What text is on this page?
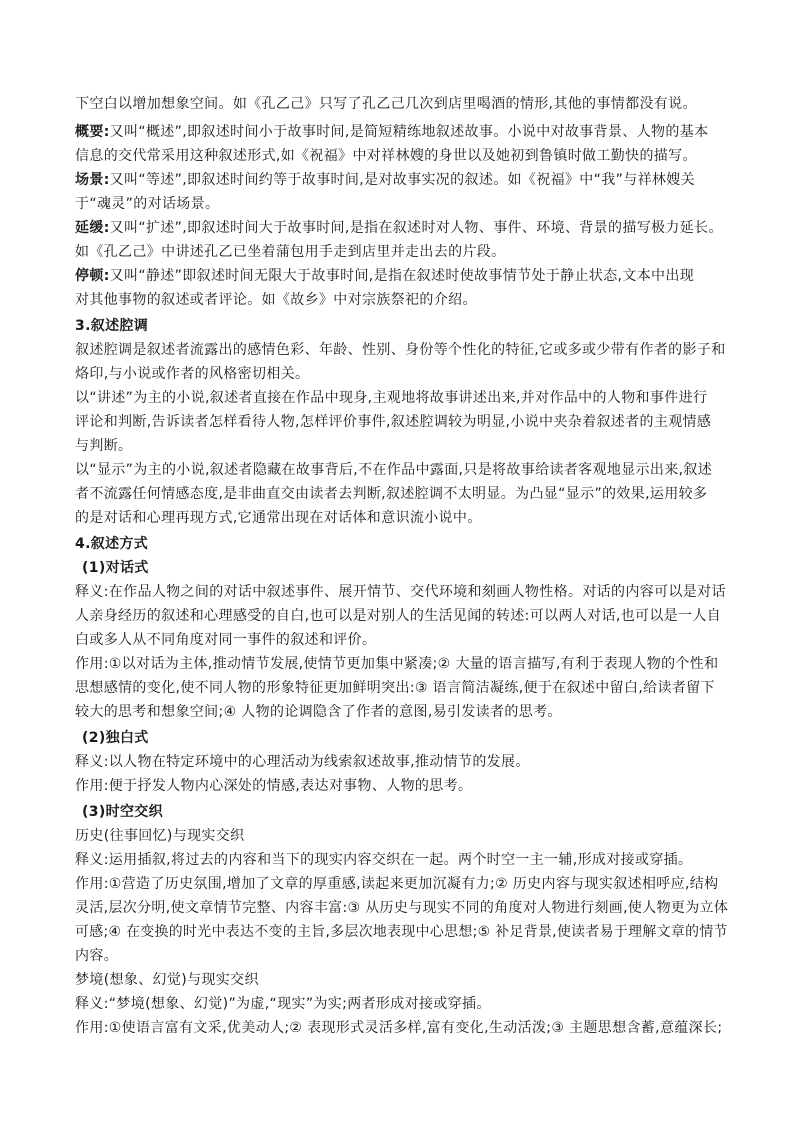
下空白以增加想象空间。如《孔乙己》只写了孔乙己几次到店里喝酒的情形,其他的事情都没有说。
概要:又叫“概述”,即叙述时间小于故事时间,是简短精练地叙述故事。小说中对故事背景、人物的基本
信息的交代常采用这种叙述形式,如《祝福》中对祥林嫂的身世以及她初到鲁镇时做工勤快的描写。
场景:又叫“等述”,即叙述时间约等于故事时间,是对故事实况的叙述。如《祝福》中“我”与祥林嫂关
于“魂灵”的对话场景。
延缓:又叫“扩述”,即叙述时间大于故事时间,是指在叙述时对人物、事件、环境、背景的描写极力延长。
如《孔乙己》中讲述孔乙已坐着蒲包用手走到店里并走出去的片段。
停顿:又叫“静述”即叙述时间无限大于故事时间,是指在叙述时使故事情节处于静止状态,文本中出现
对其他事物的叙述或者评论。如《故乡》中对宗族祭祀的介绍。
3.叙述腔调
叙述腔调是叙述者流露出的感情色彩、年龄、性别、身份等个性化的特征,它或多或少带有作者的影子和
烙印,与小说或作者的风格密切相关。
以“讲述”为主的小说,叙述者直接在作品中现身,主观地将故事讲述出来,并对作品中的人物和事件进行
评论和判断,告诉读者怎样看待人物,怎样评价事件,叙述腔调较为明显,小说中夹杂着叙述者的主观情感
与判断。
以“显示”为主的小说,叙述者隐藏在故事背后,不在作品中露面,只是将故事给读者客观地显示出来,叙述
者不流露任何情感态度,是非曲直交由读者去判断,叙述腔调不太明显。为凸显“显示”的效果,运用较多
的是对话和心理再现方式,它通常出现在对话体和意识流小说中。
4.叙述方式
(1)对话式
释义:在作品人物之间的对话中叙述事件、展开情节、交代环境和刻画人物性格。对话的内容可以是对话
人亲身经历的叙述和心理感受的自白,也可以是对别人的生活见闻的转述:可以两人对话,也可以是一人自
白或多人从不同角度对同一事件的叙述和评价。
作用:①以对话为主体,推动情节发展,使情节更加集中紧凑;② 大量的语言描写,有利于表现人物的个性和
思想感情的变化,使不同人物的形象特征更加鲜明突出:③ 语言简洁凝练,便于在叙述中留白,给读者留下
较大的思考和想象空间;④ 人物的论调隐含了作者的意图,易引发读者的思考。
(2)独白式
释义:以人物在特定环境中的心理活动为线索叙述故事,推动情节的发展。
作用:便于抒发人物内心深处的情感,表达对事物、人物的思考。
(3)时空交织
历史(往事回忆)与现实交织
释义:运用插叙,将过去的内容和当下的现实内容交织在一起。两个时空一主一辅,形成对接或穿插。
作用:①营造了历史氛围,增加了文章的厚重感,读起来更加沉凝有力;② 历史内容与现实叙述相呼应,结构
灵活,层次分明,使文章情节完整、内容丰富:③ 从历史与现实不同的角度对人物进行刻画,使人物更为立体
可感;④ 在变换的时光中表达不变的主旨,多层次地表现中心思想;⑤ 补足背景,使读者易于理解文章的情节
内容。
梦境(想象、幻觉)与现实交织
释义:“梦境(想象、幻觉)”为虚,“现实”为实;两者形成对接或穿插。
作用:①使语言富有文采,优美动人;② 表现形式灵活多样,富有变化,生动活泼;③ 主题思想含蓄,意蕴深长;
